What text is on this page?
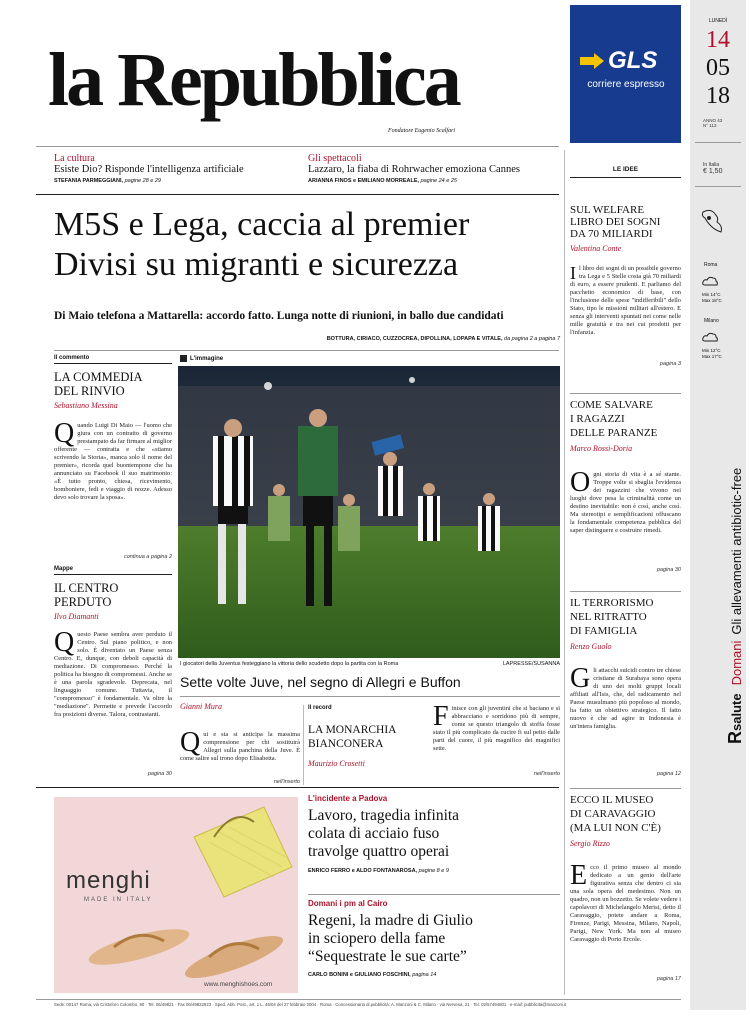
la Repubblica
Fondatore Eugenio Scalfari
GLS
corriere espresso
La cultura
Esiste Dio? Risponde l'intelligenza artificiale
STEFANIA PARMEGGIANI, pagine 28 e 29
Gli spettacoli
Lazzaro, la fiaba di Rohrwacher emoziona Cannes
ARIANNA FINOS e EMILIANO MORREALE, pagine 24 e 25
M5S e Lega, caccia al premier
Divisi su migranti e sicurezza
Di Maio telefona a Mattarella: accordo fatto. Lunga notte di riunioni, in ballo due candidati
BOTTURA, CIRIACO, CUZZOCREA, DIPOLLINA, LOPAPA E VITALE, da pagina 2 a pagina 7
Il commento
LA COMMEDIA
DEL RINVIO
Sebastiano Messina
Quando Luigi Di Maio — l'uomo che giura con un contratto di governo prestampato da far firmare al miglior offerente — contratta e che «stiamo scrivendo la Storia», manca solo il nome del premier», ricorda quel buontempone che ha annunciato su Facebook il suo matrimonio: «È tutto pronto, chiesa, ricevimento, bomboniere, fedi e viaggio di nozze. Adesso devo solo trovare la sposa».
continua a pagina 2
Mappe
IL CENTRO
PERDUTO
Ilvo Diamanti
Questo Paese sembra aver perduto il Centro. Sul piano politico, e non solo. È diventato un Paese senza Centro. E, dunque, con deboli capacità di mediazione. Di compromesso. Perché la politica ha bisogno di compromessi. Anche se è una parola sgradevole. Deprecata, nel linguaggio comune. Tuttavia, il "compromesso" è fondamentale. Va oltre la "mediazione". Permette e prevede l'accordo fra posizioni diverse. Talora, contrastanti.
pagina 30
L'immagine
I giocatori della Juventus festeggiano la vittoria dello scudetto dopo la partita con la Roma	LAPRESSE/SUSANNA
Sette volte Juve, nel segno di Allegri e Buffon
Gianni Mura
Qui e sta si anticipa la massima comprensione per chi sostituirà Allegri sulla panchina della Juve. È come salire sul trono dopo Elisabetta.
nell'inserto
Il record
LA MONARCHIA
BIANCONERA
Maurizio Crosetti
Finisce con gli juventini che si baciano e si abbracciano e sorridono più di sempre, come se questo triangolo di stoffa fosse stato il più complicato da cucire fi sul petto dalle parti del cuore, il più magnifico dei magnifici sette.
nell'inserto
menghi
MADE IN ITALY
www.menghishoes.com
L'incidente a Padova
Lavoro, tragedia infinita
colata di acciaio fuso
travolge quattro operai
ENRICO FERRO e ALDO FONTANAROSA, pagine 8 e 9
Domani i pm al Cairo
Regeni, la madre di Giulio
in sciopero della fame
“Sequestrate le sue carte”
CARLO BONINI e GIULIANO FOSCHINI, pagina 14
Sede: 00147 Roma, via Cristoforo Colombo, 90 · Tel. 06/49821 · Fax 06/49822923 · Sped. Abb. Post., art. 1 L. 46/04 del 27 febbraio 2004 · Roma · Concessionaria di pubblicità: A. Manzoni & C. Milano · via Nervesa, 21 · Tel. 02/57494801 · e-mail: pubblicita@manzoni.it
LE IDEE
SUL WELFARE
LIBRO DEI SOGNI
DA 70 MILIARDI
Valentina Conte
Il libro dei sogni di un possibile governo tra Lega e 5 Stelle costa già 70 miliardi di euro, a essere prudenti. E parliamo del pacchetto economico di base, con l'inclusione delle spese "indifferibili" dello Stato, tipo le missioni militari all'estero. E senza gli interventi spuntati nei come nelle mille gratuità e tra nei cui prodotti per l'infanzia.
pagina 3
COME SALVARE
I RAGAZZI
DELLE PARANZE
Marco Rossi-Doria
Ogni storia di vita è a sé stante. Troppe volte si sbaglia l'evidenza dei ragazzini che vivono nei luoghi dove pesa la criminalità come un destino inevitabile: non è così, anche così. Ma stereotipi e semplificazioni offuscano la fondamentale competenza pubblica del saper distinguere e costruire rimedi.
pagina 30
IL TERRORISMO
NEL RITRATTO
DI FAMIGLIA
Renzo Guolo
Gli attacchi suicidi contro tre chiese cristiane di Surabaya sono opera di uno dei molti gruppi locali affiliati all'Isis, che, del radicamento nel Paese musulmano più popoloso al mondo, ha fatto un obiettivo strategico. Il fatto nuovo è che ad agire in Indonesia è un'intera famiglia.
pagina 12
ECCO IL MUSEO
DI CARAVAGGIO
(MA LUI NON C'È)
Sergio Rizzo
Ecco il primo museo al mondo dedicato a un genio dell'arte figurativa senza che dentro ci sia una sola opera del medesimo. Non un quadro, non un bozzetto. Se volete vedere i capolavori di Michelangelo Merisi, detto il Caravaggio, potete andare a Roma, Firenze, Parigi, Messina, Milano, Napoli, Parigi, New York. Ma non al museo Caravaggio di Porto Ercole.
pagina 17
LUNEDÌ
14
05
18
ANNO 43
N° 113
In Italia
€ 1,50
Roma
Min 14°C
Max 18°C
Milano
Min 12°C
Max 17°C
RsaluteDomaniGli allevamenti antibiotic-free
